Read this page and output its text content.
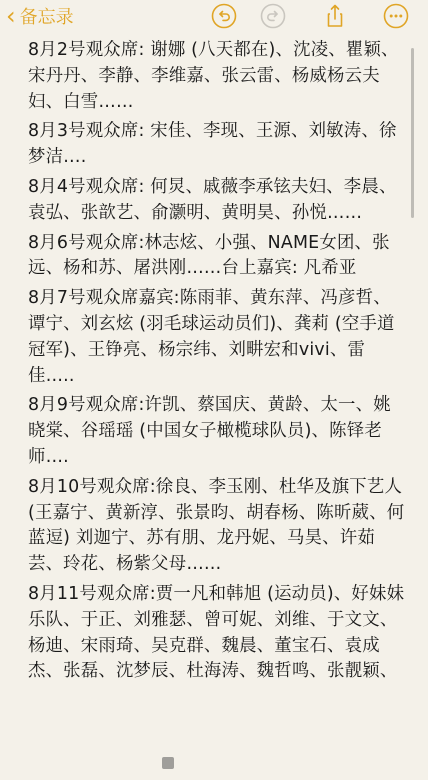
‹ 备忘录

8月2号观众席: 谢娜 (八天都在)、沈凌、瞿颖、宋丹丹、李静、李维嘉、张云雷、杨威杨云夫妇、白雪……

8月3号观众席: 宋佳、李现、王源、刘敏涛、徐梦洁….

8月4号观众席: 何炅、戚薇李承铉夫妇、李晨、袁弘、张歆艺、俞灏明、黄明昊、孙悦……

8月6号观众席:林志炫、小强、NAME女团、张远、杨和苏、屠洪刚……台上嘉宾: 凡希亚

8月7号观众席嘉宾:陈雨菲、黄东萍、冯彦哲、谭宁、刘玄炫 (羽毛球运动员们)、龚莉 (空手道冠军)、王铮亮、杨宗纬、刘畊宏和vivi、雷佳…..

8月9号观众席:许凯、蔡国庆、黄龄、太一、姚晓棠、谷瑶瑶 (中国女子橄榄球队员)、陈铎老师….

8月10号观众席:徐良、李玉刚、杜华及旗下艺人 (王嘉宁、黄新淳、张景昀、胡春杨、陈昕葳、何蓝逗) 刘迦宁、苏有朋、龙丹妮、马昊、许茹芸、玲花、杨紫父母……

8月11号观众席:贾一凡和韩旭 (运动员)、好妹妹乐队、于正、刘雅瑟、曾可妮、刘维、于文文、杨迪、宋雨琦、吴克群、魏晨、董宝石、袁成杰、张磊、沈梦辰、杜海涛、魏哲鸣、张靓颖、
